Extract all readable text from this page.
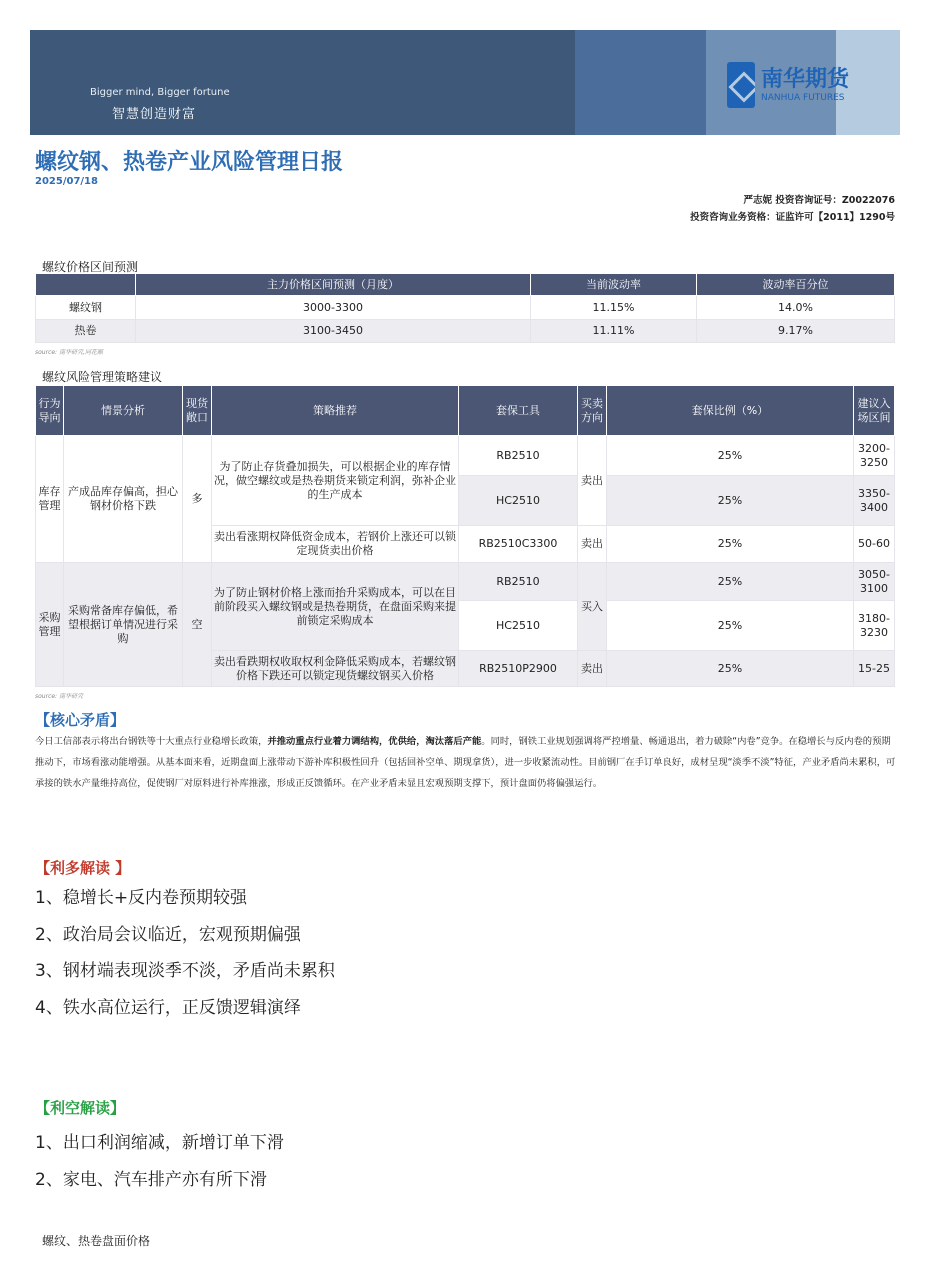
Bigger mind, Bigger fortune
智慧创造财富
南华期货
NANHUA FUTURES
螺纹钢、热卷产业风险管理日报
2025/07/18
严志妮 投资咨询证号：Z0022076
投资咨询业务资格：证监许可【2011】1290号
螺纹价格区间预测
	主力价格区间预测（月度）	当前波动率	波动率百分位
螺纹钢	3000-3300	11.15%	14.0%
热卷	3100-3450	11.11%	9.17%
source: 南华研究,同花顺
螺纹风险管理策略建议
行为导向	情景分析	现货敞口	策略推荐	套保工具	买卖方向	套保比例（%）	建议入场区间
库存管理	产成品库存偏高，担心钢材价格下跌	多	为了防止存货叠加损失，可以根据企业的库存情况，做空螺纹或是热卷期货来锁定利润，弥补企业的生产成本	RB2510	卖出	25%	3200-3250
				HC2510		25%	3350-3400
			卖出看涨期权降低资金成本，若钢价上涨还可以锁定现货卖出价格	RB2510C3300	卖出	25%	50-60
采购管理	采购常备库存偏低，希望根据订单情况进行采购	空	为了防止钢材价格上涨而抬升采购成本，可以在目前阶段买入螺纹钢或是热卷期货，在盘面采购来提前锁定采购成本	RB2510	买入	25%	3050-3100
				HC2510		25%	3180-3230
			卖出看跌期权收取权利金降低采购成本，若螺纹钢价格下跌还可以锁定现货螺纹钢买入价格	RB2510P2900	卖出	25%	15-25
source: 南华研究
【核心矛盾】
今日工信部表示将出台钢铁等十大重点行业稳增长政策，并推动重点行业着力调结构，优供给，淘汰落后产能。同时，钢铁工业规划强调将严控增量、畅通退出，着力破除“内卷”竞争。在稳增长与反内卷的预期推动下，市场看涨动能增强。从基本面来看，近期盘面上涨带动下游补库积极性回升（包括回补空单、期现拿货），进一步收紧流动性。目前钢厂在手订单良好，成材呈现“淡季不淡”特征，产业矛盾尚未累积，可承接的铁水产量维持高位，促使钢厂对原料进行补库推涨，形成正反馈循环。在产业矛盾未显且宏观预期支撑下，预计盘面仍将偏强运行。
【利多解读 】
1、稳增长+反内卷预期较强
2、政治局会议临近，宏观预期偏强
3、钢材端表现淡季不淡，矛盾尚未累积
4、铁水高位运行，正反馈逻辑演绎
【利空解读】
1、出口利润缩减，新增订单下滑
2、家电、汽车排产亦有所下滑
螺纹、热卷盘面价格
